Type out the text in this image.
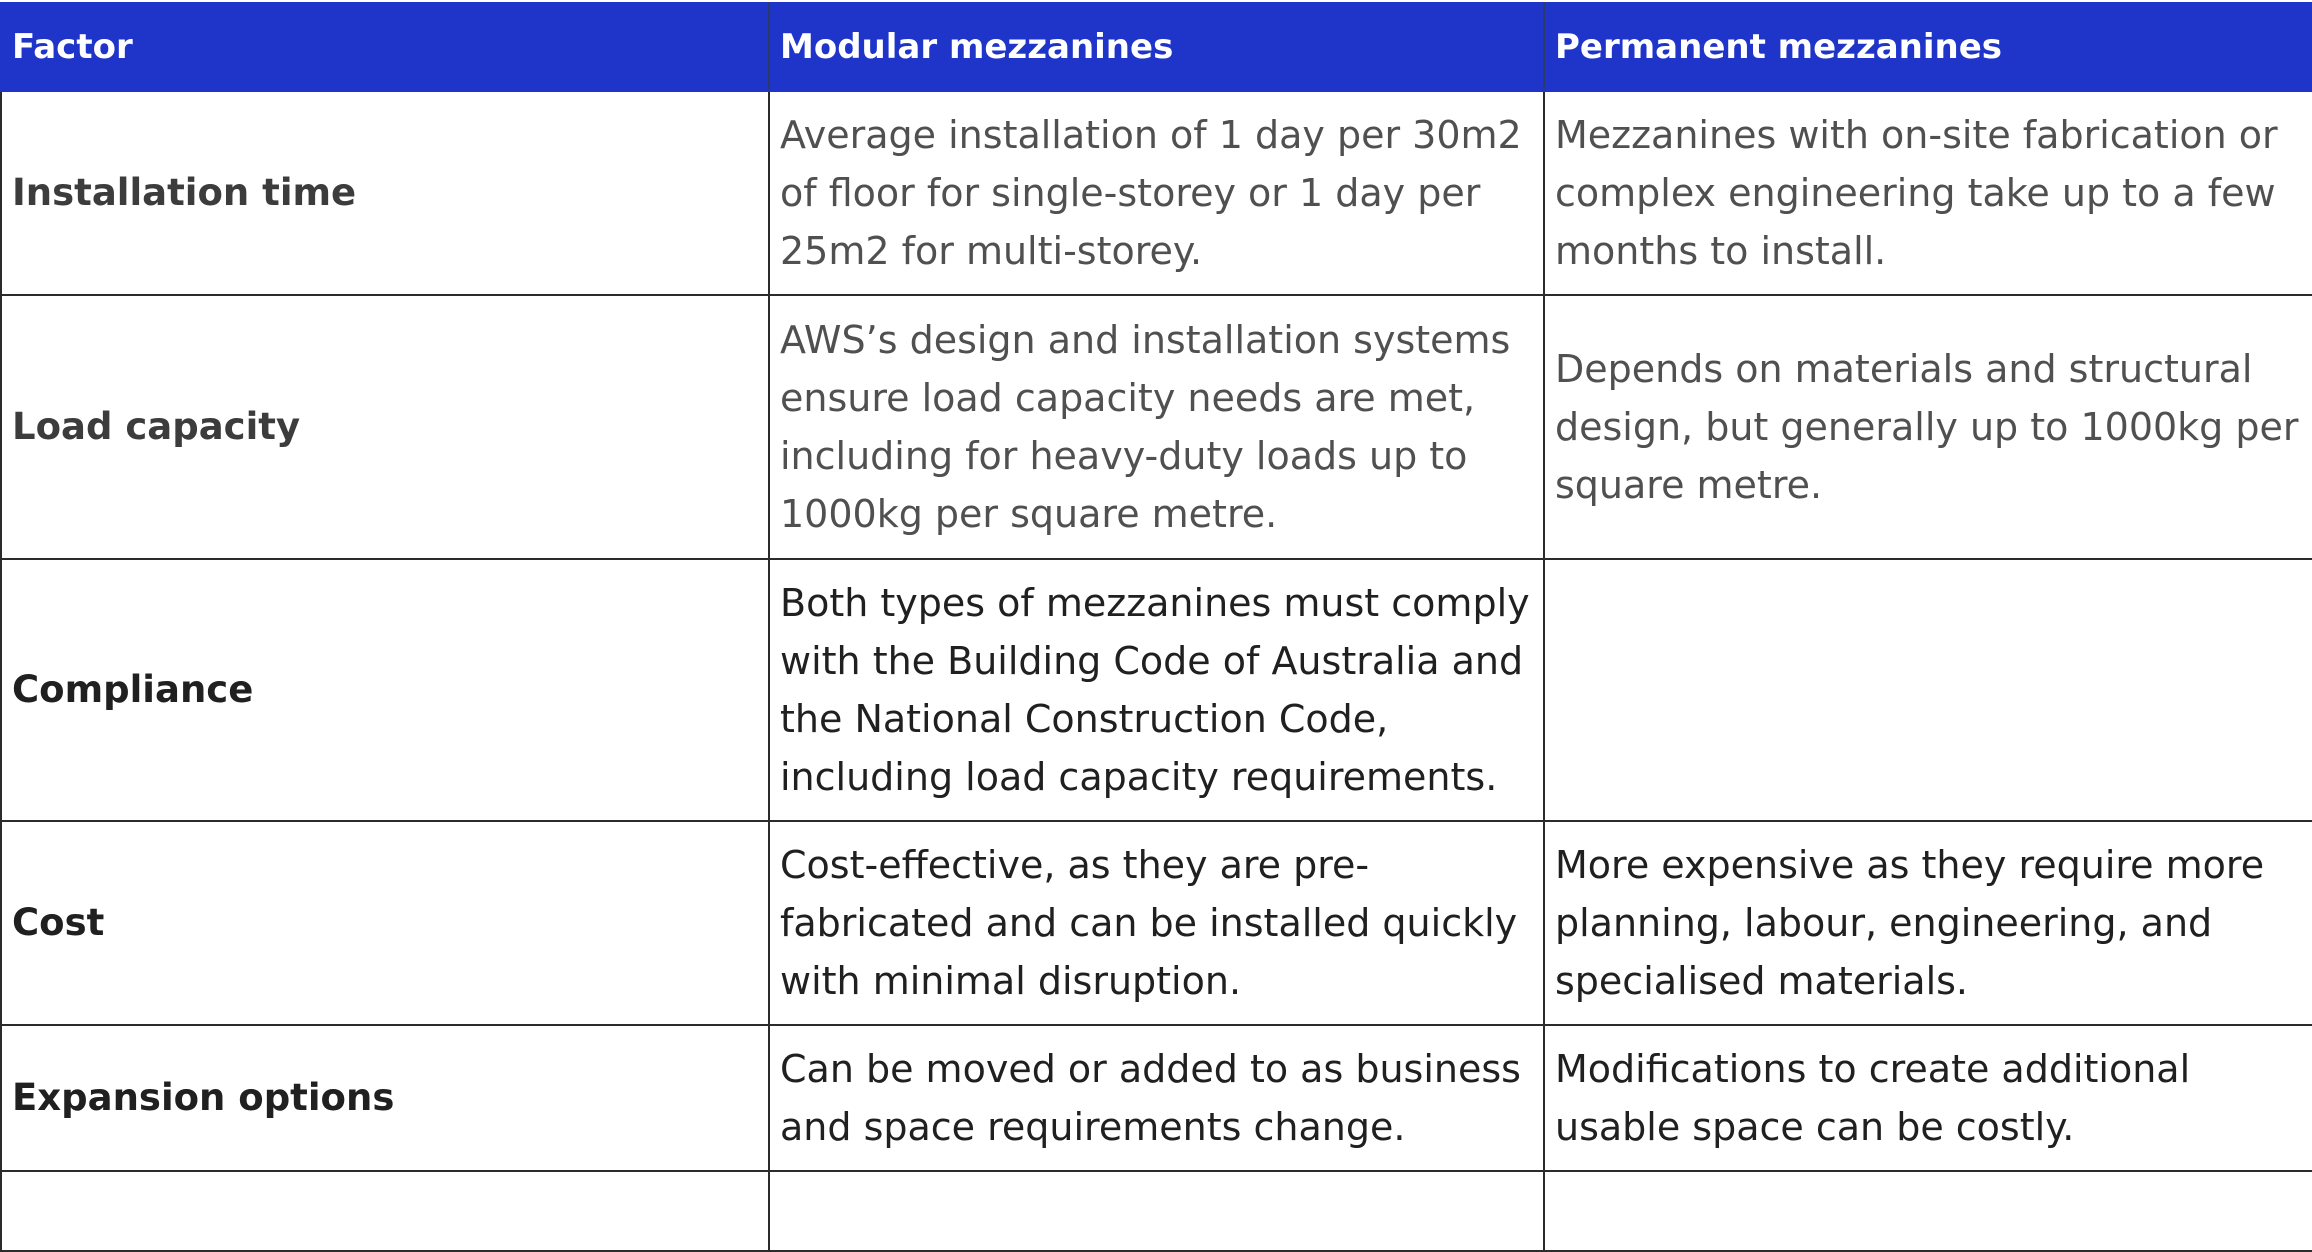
Factor	Modular mezzanines	Permanent mezzanines
Installation time	Average installation of 1 day per 30m2 of floor for single-storey or 1 day per 25m2 for multi-storey.	Mezzanines with on-site fabrication or complex engineering take up to a few months to install.
Load capacity	AWS’s design and installation systems ensure load capacity needs are met, including for heavy-duty loads up to 1000kg per square metre.	Depends on materials and structural design, but generally up to 1000kg per square metre.
Compliance	Both types of mezzanines must comply with the Building Code of Australia and the National Construction Code, including load capacity requirements.	
Cost	Cost-effective, as they are pre-fabricated and can be installed quickly with minimal disruption.	More expensive as they require more planning, labour, engineering, and specialised materials.
Expansion options	Can be moved or added to as business and space requirements change.	Modifications to create additional usable space can be costly.
